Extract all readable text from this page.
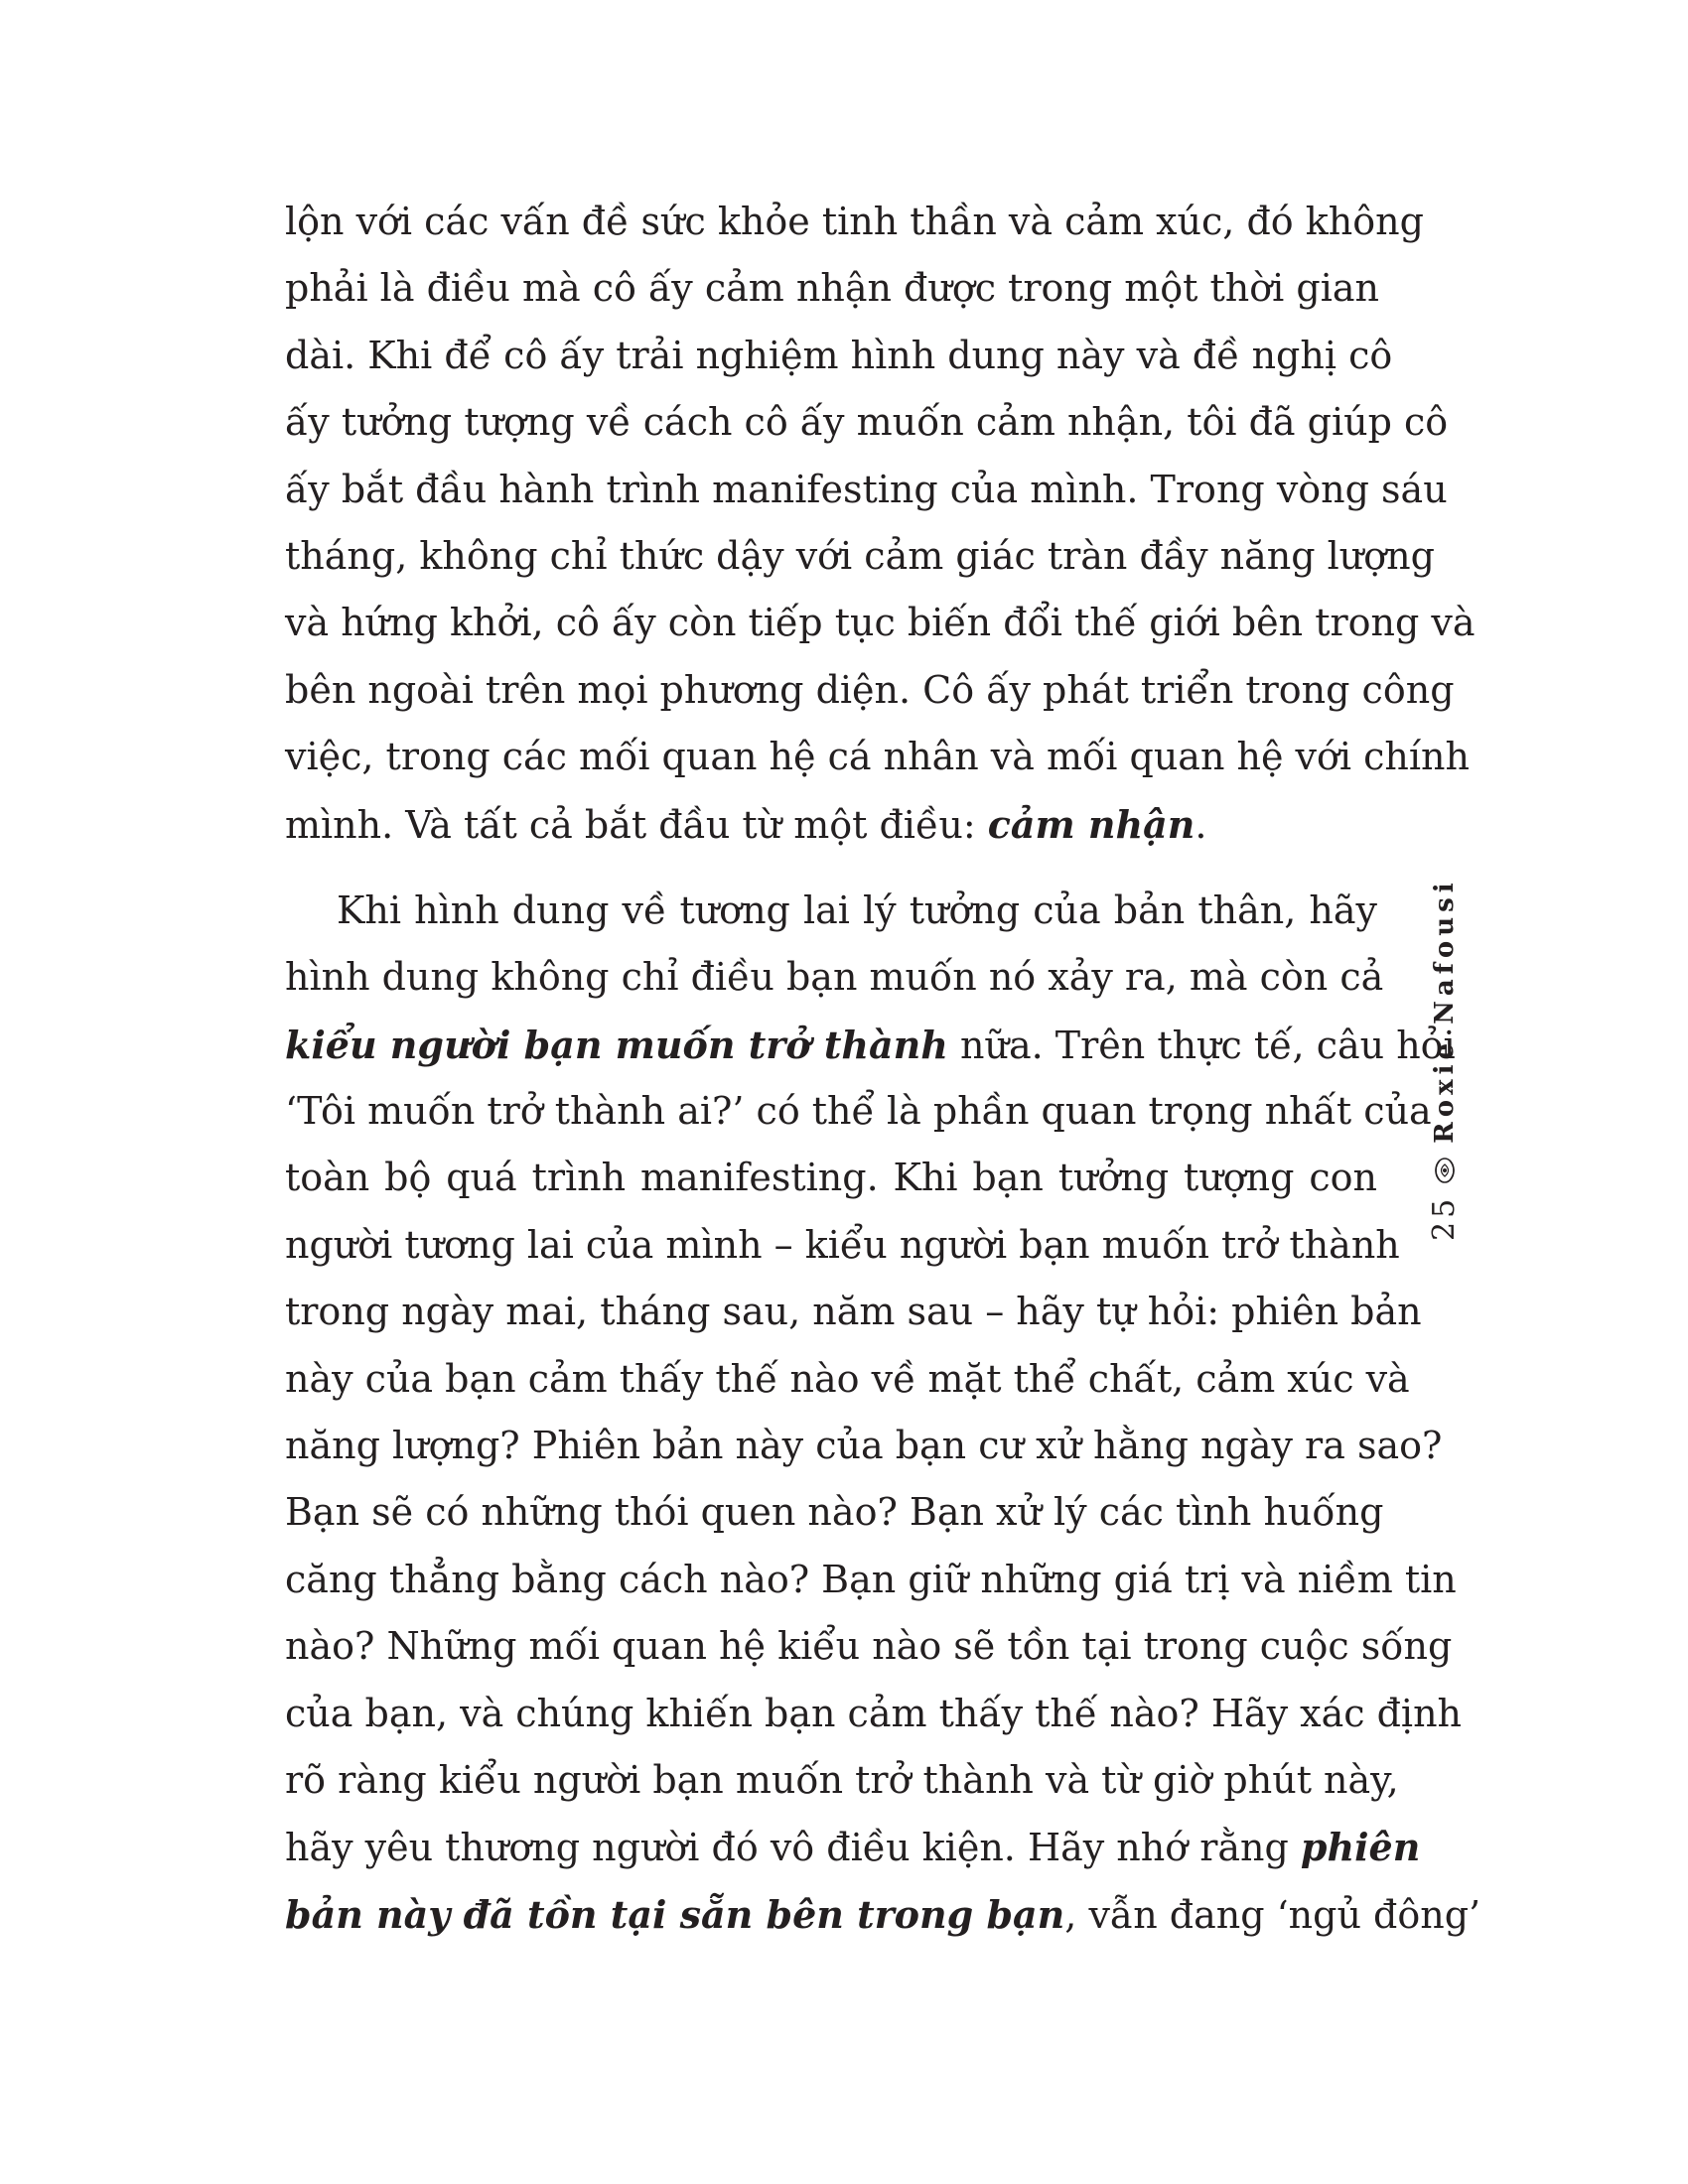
lộn với các vấn đề sức khỏe tinh thần và cảm xúc, đó không
phải là điều mà cô ấy cảm nhận được trong một thời gian
dài. Khi để cô ấy trải nghiệm hình dung này và đề nghị cô
ấy tưởng tượng về cách cô ấy muốn cảm nhận, tôi đã giúp cô
ấy bắt đầu hành trình manifesting của mình. Trong vòng sáu
tháng, không chỉ thức dậy với cảm giác tràn đầy năng lượng
và hứng khởi, cô ấy còn tiếp tục biến đổi thế giới bên trong và
bên ngoài trên mọi phương diện. Cô ấy phát triển trong công
việc, trong các mối quan hệ cá nhân và mối quan hệ với chính
mình. Và tất cả bắt đầu từ một điều: cảm nhận.
Khi hình dung về tương lai lý tưởng của bản thân, hãy
hình dung không chỉ điều bạn muốn nó xảy ra, mà còn cả
kiểu người bạn muốn trở thành nữa. Trên thực tế, câu hỏi
‘Tôi muốn trở thành ai?’ có thể là phần quan trọng nhất của
toàn bộ quá trình manifesting. Khi bạn tưởng tượng con
người tương lai của mình – kiểu người bạn muốn trở thành
trong ngày mai, tháng sau, năm sau – hãy tự hỏi: phiên bản
này của bạn cảm thấy thế nào về mặt thể chất, cảm xúc và
năng lượng? Phiên bản này của bạn cư xử hằng ngày ra sao?
Bạn sẽ có những thói quen nào? Bạn xử lý các tình huống
căng thẳng bằng cách nào? Bạn giữ những giá trị và niềm tin
nào? Những mối quan hệ kiểu nào sẽ tồn tại trong cuộc sống
của bạn, và chúng khiến bạn cảm thấy thế nào? Hãy xác định
rõ ràng kiểu người bạn muốn trở thành và từ giờ phút này,
hãy yêu thương người đó vô điều kiện. Hãy nhớ rằng phiên
bản này đã tồn tại sẵn bên trong bạn, vẫn đang ‘ngủ đông’
25
Roxie Nafousi
